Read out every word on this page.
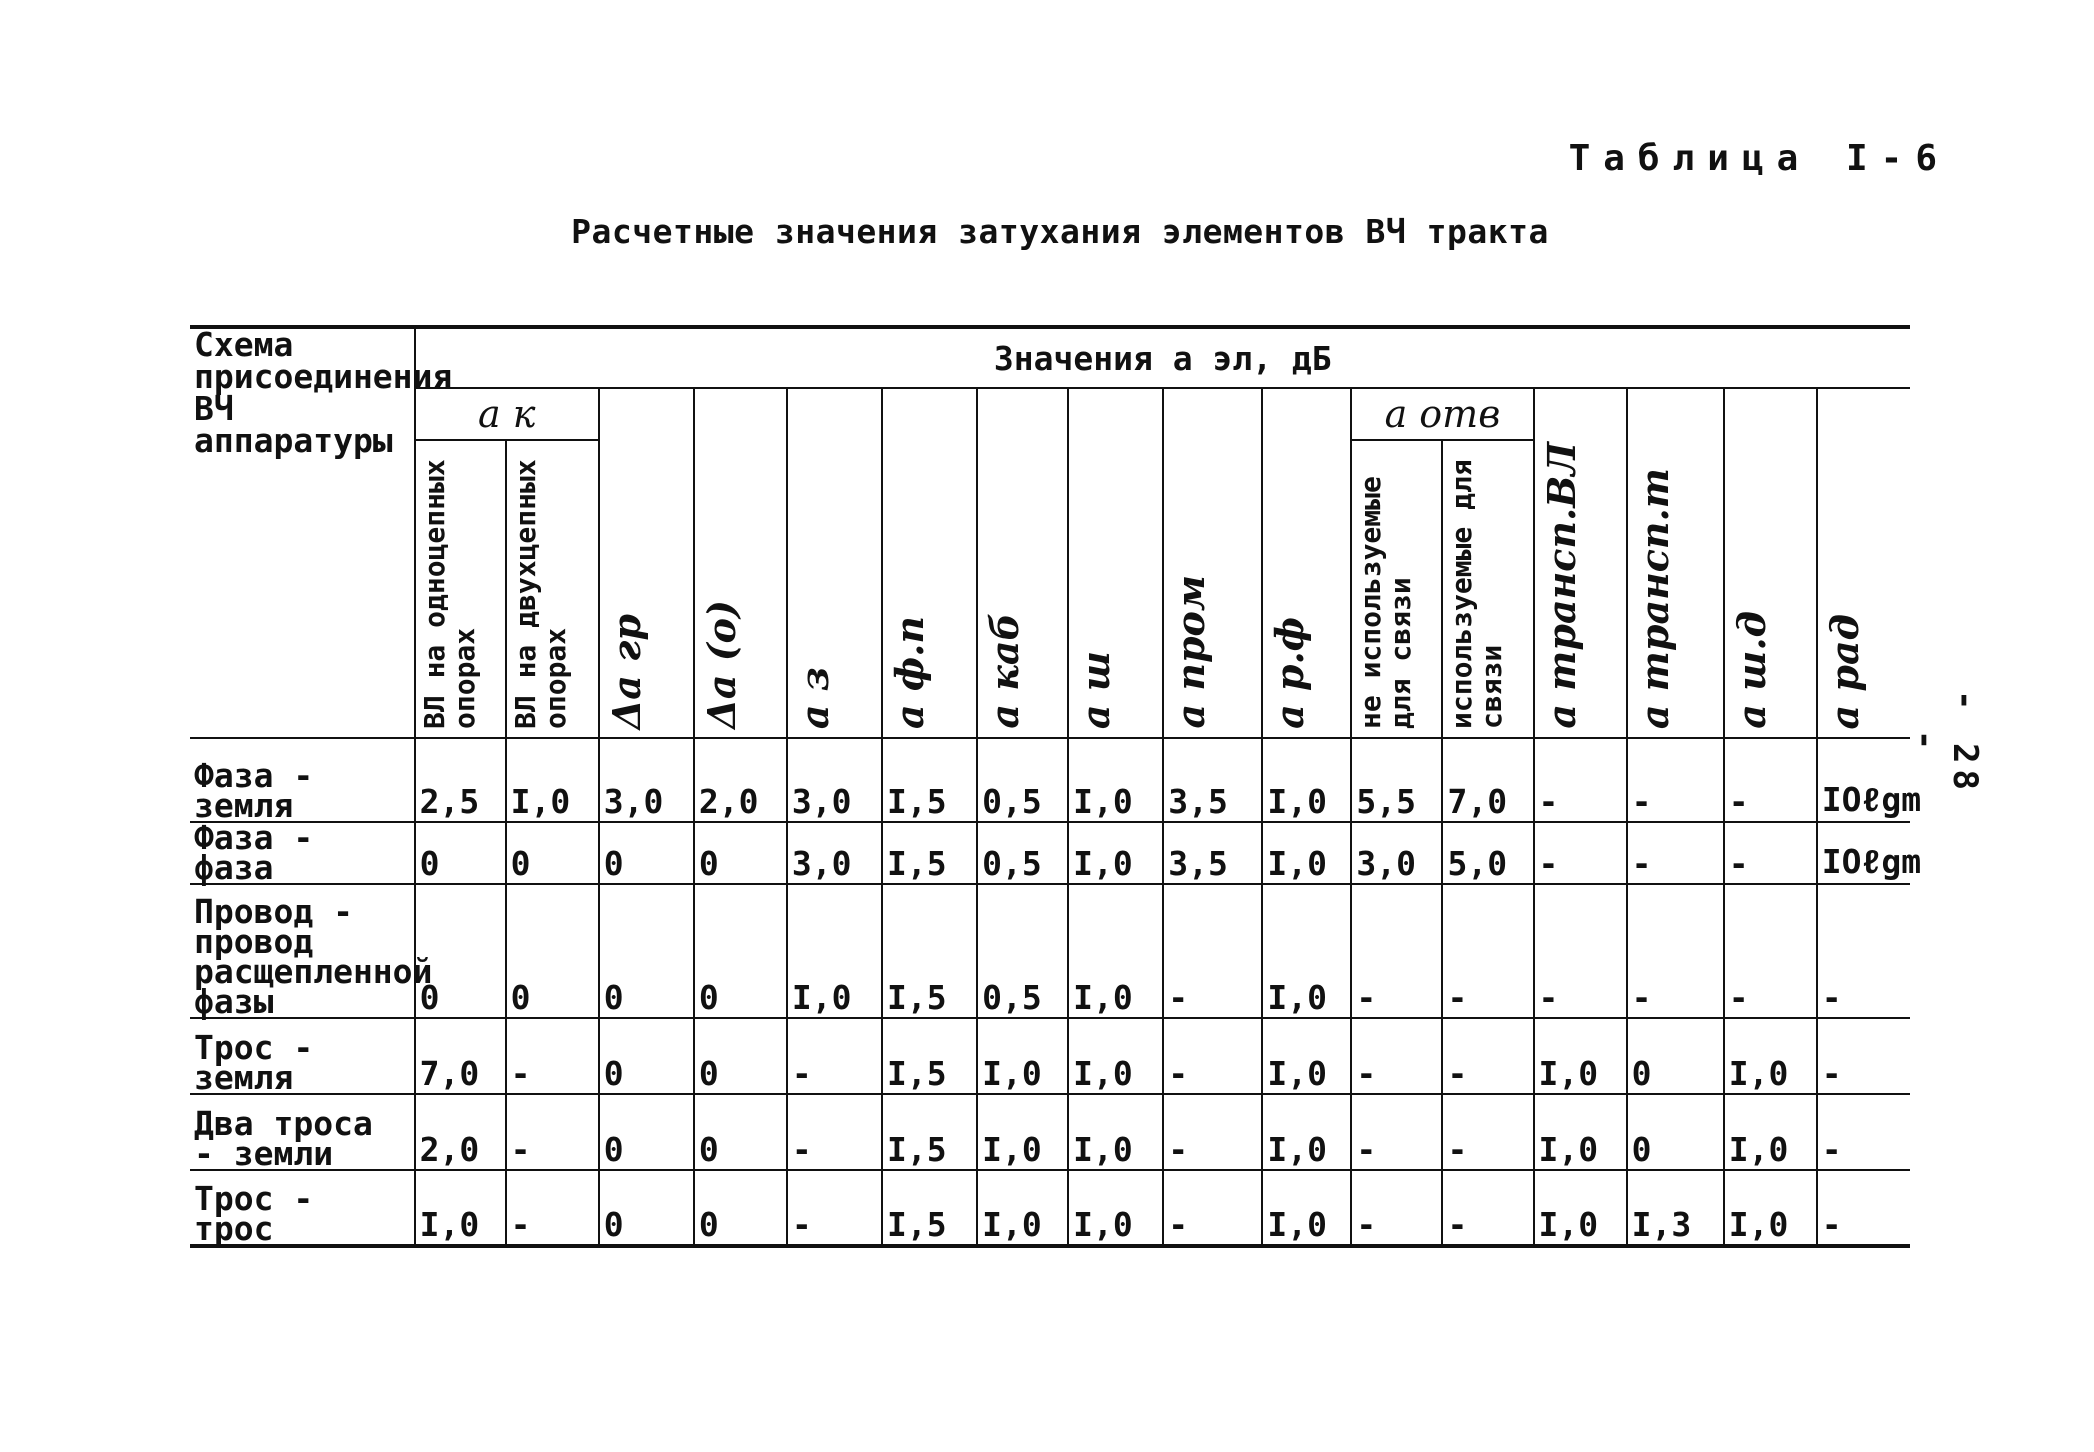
Таблица I-6
Расчетные значения затухания элементов ВЧ тракта
- 28 -
Схема присоединения ВЧ аппаратуры	Значения a эл, дБ															
	a к		Δa гр	Δa (о)	a з	a ф.п	a каб	a ш	a пром	a р.ф	a отв		a трансп.ВЛ	a трансп.т	a ш.д	a рад
	ВЛ на одноцепных опорах	ВЛ на двухцепных опорах									не используемые для связи	используемые для связи				
Фаза - земля	2,5	I,0	3,0	2,0	3,0	I,5	0,5	I,0	3,5	I,0	5,5	7,0	-	-	-	IOℓgm
Фаза - фаза	0	0	0	0	3,0	I,5	0,5	I,0	3,5	I,0	3,0	5,0	-	-	-	IOℓgm
Провод - провод расщепленной фазы	0	0	0	0	I,0	I,5	0,5	I,0	-	I,0	-	-	-	-	-	-
Трос - земля	7,0	-	0	0	-	I,5	I,0	I,0	-	I,0	-	-	I,0	0	I,0	-
Два троса - земли	2,0	-	0	0	-	I,5	I,0	I,0	-	I,0	-	-	I,0	0	I,0	-
Трос - трос	I,0	-	0	0	-	I,5	I,0	I,0	-	I,0	-	-	I,0	I,3	I,0	-
